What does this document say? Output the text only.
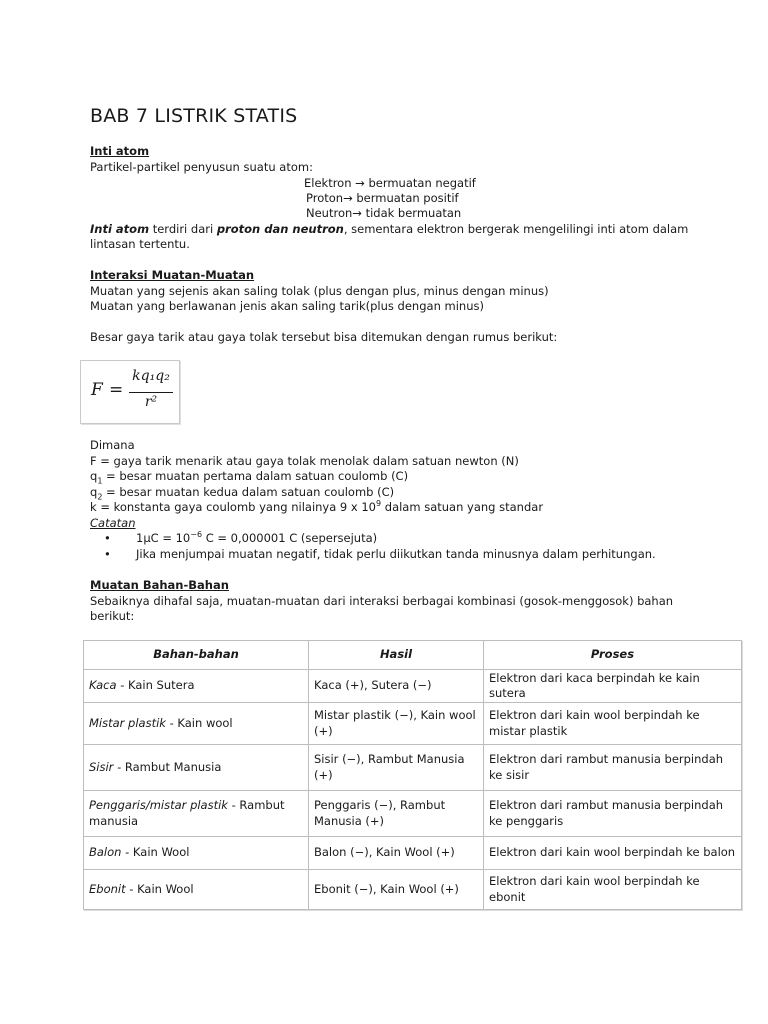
BAB 7 LISTRIK STATIS
Inti atom
Partikel-partikel penyusun suatu atom:
Elektron → bermuatan negatif
Proton→ bermuatan positif
Neutron→ tidak bermuatan
Inti atom terdiri dari proton dan neutron, sementara elektron bergerak mengelilingi inti atom dalam
lintasan tertentu.
Interaksi Muatan-Muatan
Muatan yang sejenis akan saling tolak (plus dengan plus, minus dengan minus)
Muatan yang berlawanan jenis akan saling tarik(plus dengan minus)
Besar gaya tarik atau gaya tolak tersebut bisa ditemukan dengan rumus berikut:
F =
kq₁q₂
r²
Dimana
F = gaya tarik menarik atau gaya tolak menolak dalam satuan newton (N)
$q_1$ = besar muatan pertama dalam satuan coulomb (C)
$q_2$ = besar muatan kedua dalam satuan coulomb (C)
k = konstanta gaya coulomb yang nilainya 9 x $10^9$ dalam satuan yang standar
Catatan
• $1\mu C = 10^{-6}$ C = 0,000001 C (sepersejuta)
• Jika menjumpai muatan negatif, tidak perlu diikutkan tanda minusnya dalam perhitungan.
Muatan Bahan-Bahan
Sebaiknya dihafal saja, muatan-muatan dari interaksi berbagai kombinasi (gosok-menggosok) bahan
berikut:
Bahan-bahan	Hasil	Proses
Kaca - Kain Sutera	Kaca (+), Sutera (−)	Elektron dari kaca berpindah ke kain sutera
Mistar plastik - Kain wool	Mistar plastik (−), Kain wool (+)	Elektron dari kain wool berpindah ke mistar plastik
Sisir - Rambut Manusia	Sisir (−), Rambut Manusia (+)	Elektron dari rambut manusia berpindah ke sisir
Penggaris/mistar plastik - Rambut manusia	Penggaris (−), Rambut Manusia (+)	Elektron dari rambut manusia berpindah ke penggaris
Balon - Kain Wool	Balon (−), Kain Wool (+)	Elektron dari kain wool berpindah ke balon
Ebonit - Kain Wool	Ebonit (−), Kain Wool (+)	Elektron dari kain wool berpindah ke ebonit
